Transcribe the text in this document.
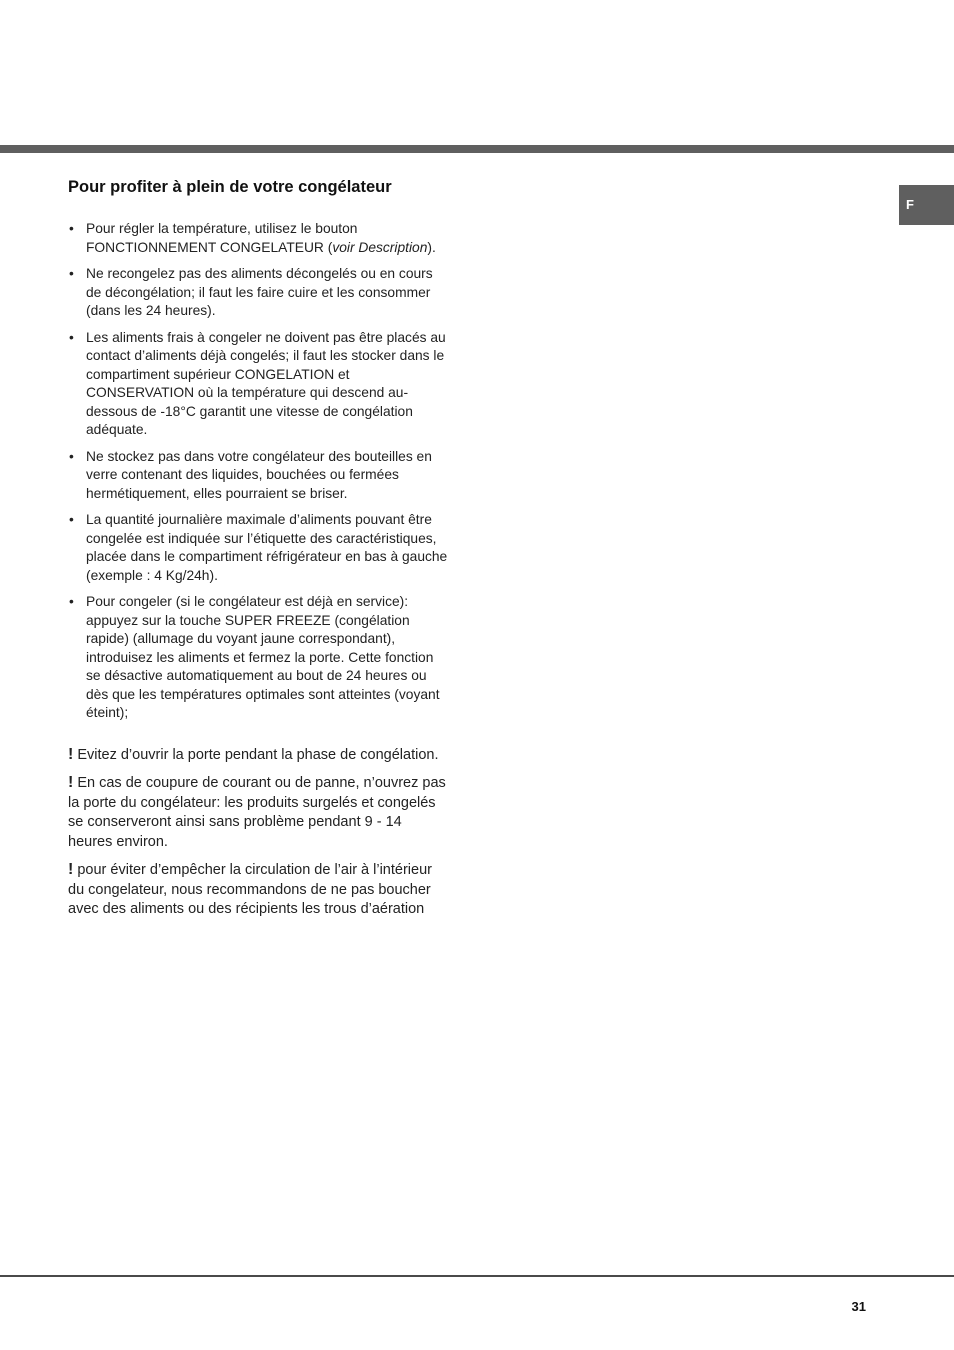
F
Pour profiter à plein de votre congélateur
• Pour régler la température, utilisez le bouton FONCTIONNEMENT CONGELATEUR (voir Description).
• Ne recongelez pas des aliments décongelés ou en cours de décongélation; il faut les faire cuire et les consommer (dans les 24 heures).
• Les aliments frais à congeler ne doivent pas être placés au contact d’aliments déjà congelés; il faut les stocker dans le compartiment supérieur CONGELATION et CONSERVATION où la température qui descend au-dessous de -18°C garantit une vitesse de congélation adéquate.
• Ne stockez pas dans votre congélateur des bouteilles en verre contenant des liquides, bouchées ou fermées hermétiquement, elles pourraient se briser.
• La quantité journalière maximale d’aliments pouvant être congelée est indiquée sur l’étiquette des caractéristiques, placée dans le compartiment réfrigérateur en bas à gauche (exemple : 4 Kg/24h).
• Pour congeler (si le congélateur est déjà en service): appuyez sur la touche SUPER FREEZE (congélation rapide) (allumage du voyant jaune correspondant), introduisez les aliments et fermez la porte. Cette fonction se désactive automatiquement au bout de 24 heures ou dès que les températures optimales sont atteintes (voyant éteint);

! Evitez d’ouvrir la porte pendant la phase de congélation.

! En cas de coupure de courant ou de panne, n’ouvrez pas la porte du congélateur: les produits surgelés et congelés se conserveront ainsi sans problème pendant 9 - 14 heures environ.

! pour éviter d’empêcher la circulation de l’air à l’intérieur du congelateur, nous recommandons de ne pas boucher avec des aliments ou des récipients les trous d’aération

31
